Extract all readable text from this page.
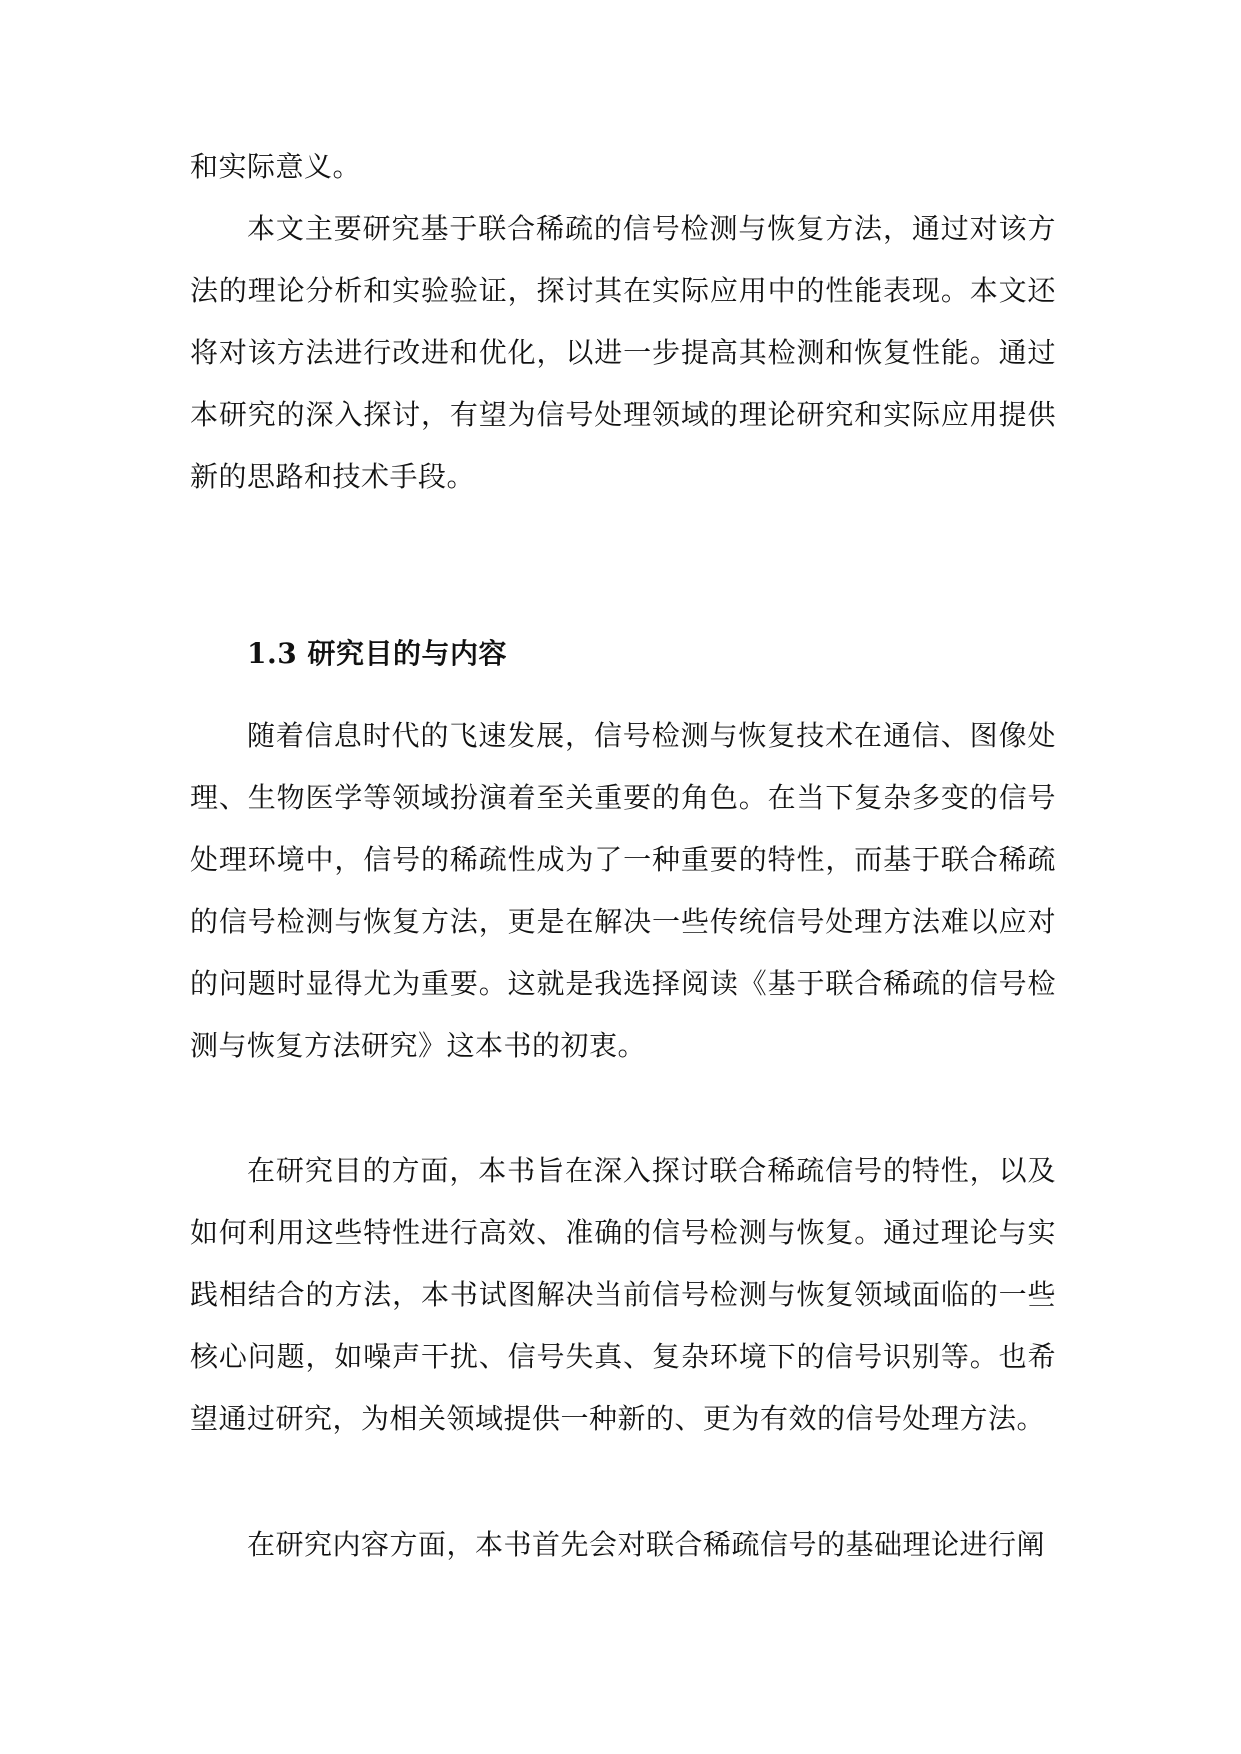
和实际意义。

本文主要研究基于联合稀疏的信号检测与恢复方法，通过对该方法的理论分析和实验验证，探讨其在实际应用中的性能表现。本文还将对该方法进行改进和优化，以进一步提高其检测和恢复性能。通过本研究的深入探讨，有望为信号处理领域的理论研究和实际应用提供新的思路和技术手段。

1.3 研究目的与内容

随着信息时代的飞速发展，信号检测与恢复技术在通信、图像处理、生物医学等领域扮演着至关重要的角色。在当下复杂多变的信号处理环境中，信号的稀疏性成为了一种重要的特性，而基于联合稀疏的信号检测与恢复方法，更是在解决一些传统信号处理方法难以应对的问题时显得尤为重要。这就是我选择阅读《基于联合稀疏的信号检测与恢复方法研究》这本书的初衷。

在研究目的方面，本书旨在深入探讨联合稀疏信号的特性，以及如何利用这些特性进行高效、准确的信号检测与恢复。通过理论与实践相结合的方法，本书试图解决当前信号检测与恢复领域面临的一些核心问题，如噪声干扰、信号失真、复杂环境下的信号识别等。也希望通过研究，为相关领域提供一种新的、更为有效的信号处理方法。

在研究内容方面，本书首先会对联合稀疏信号的基础理论进行阐
